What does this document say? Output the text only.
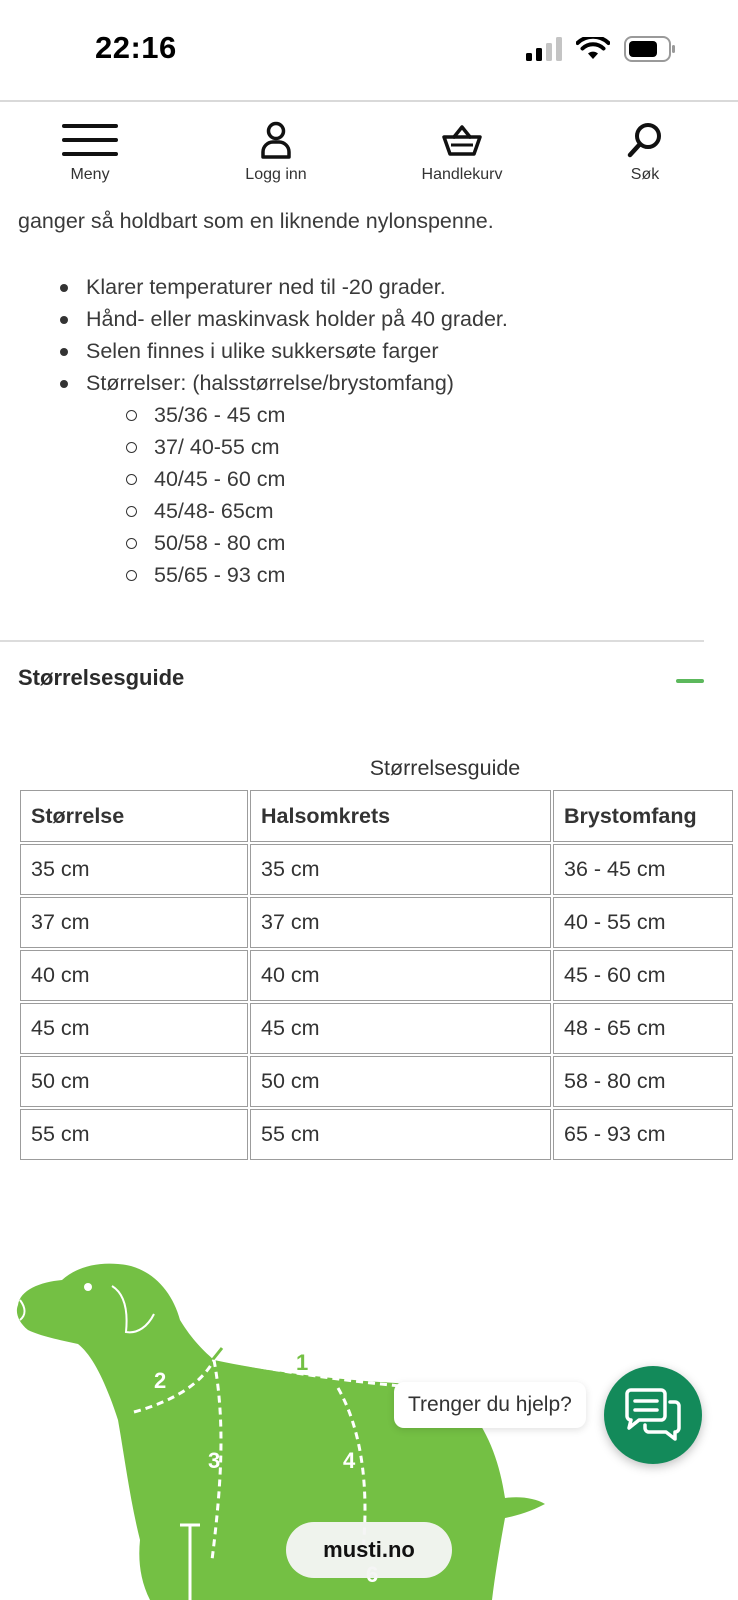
22:16
Meny	Logg inn	Handlekurv	Søk
ganger så holdbart som en liknende nylonspenne.
Klarer temperaturer ned til -20 grader.
Hånd- eller maskinvask holder på 40 grader.
Selen finnes i ulike sukkersøte farger
Størrelser: (halsstørrelse/brystomfang)
35/36 - 45 cm
37/ 40-55 cm
40/45 - 60 cm
45/48- 65cm
50/58 - 80 cm
55/65 - 93 cm
Størrelsesguide
Størrelsesguide
Størrelse	Halsomkrets	Brystomfang
35 cm	35 cm	36 - 45 cm
37 cm	37 cm	40 - 55 cm
40 cm	40 cm	45 - 60 cm
45 cm	45 cm	48 - 65 cm
50 cm	50 cm	58 - 80 cm
55 cm	55 cm	65 - 93 cm
1
2
3	4
Trenger du hjelp?
musti.no
